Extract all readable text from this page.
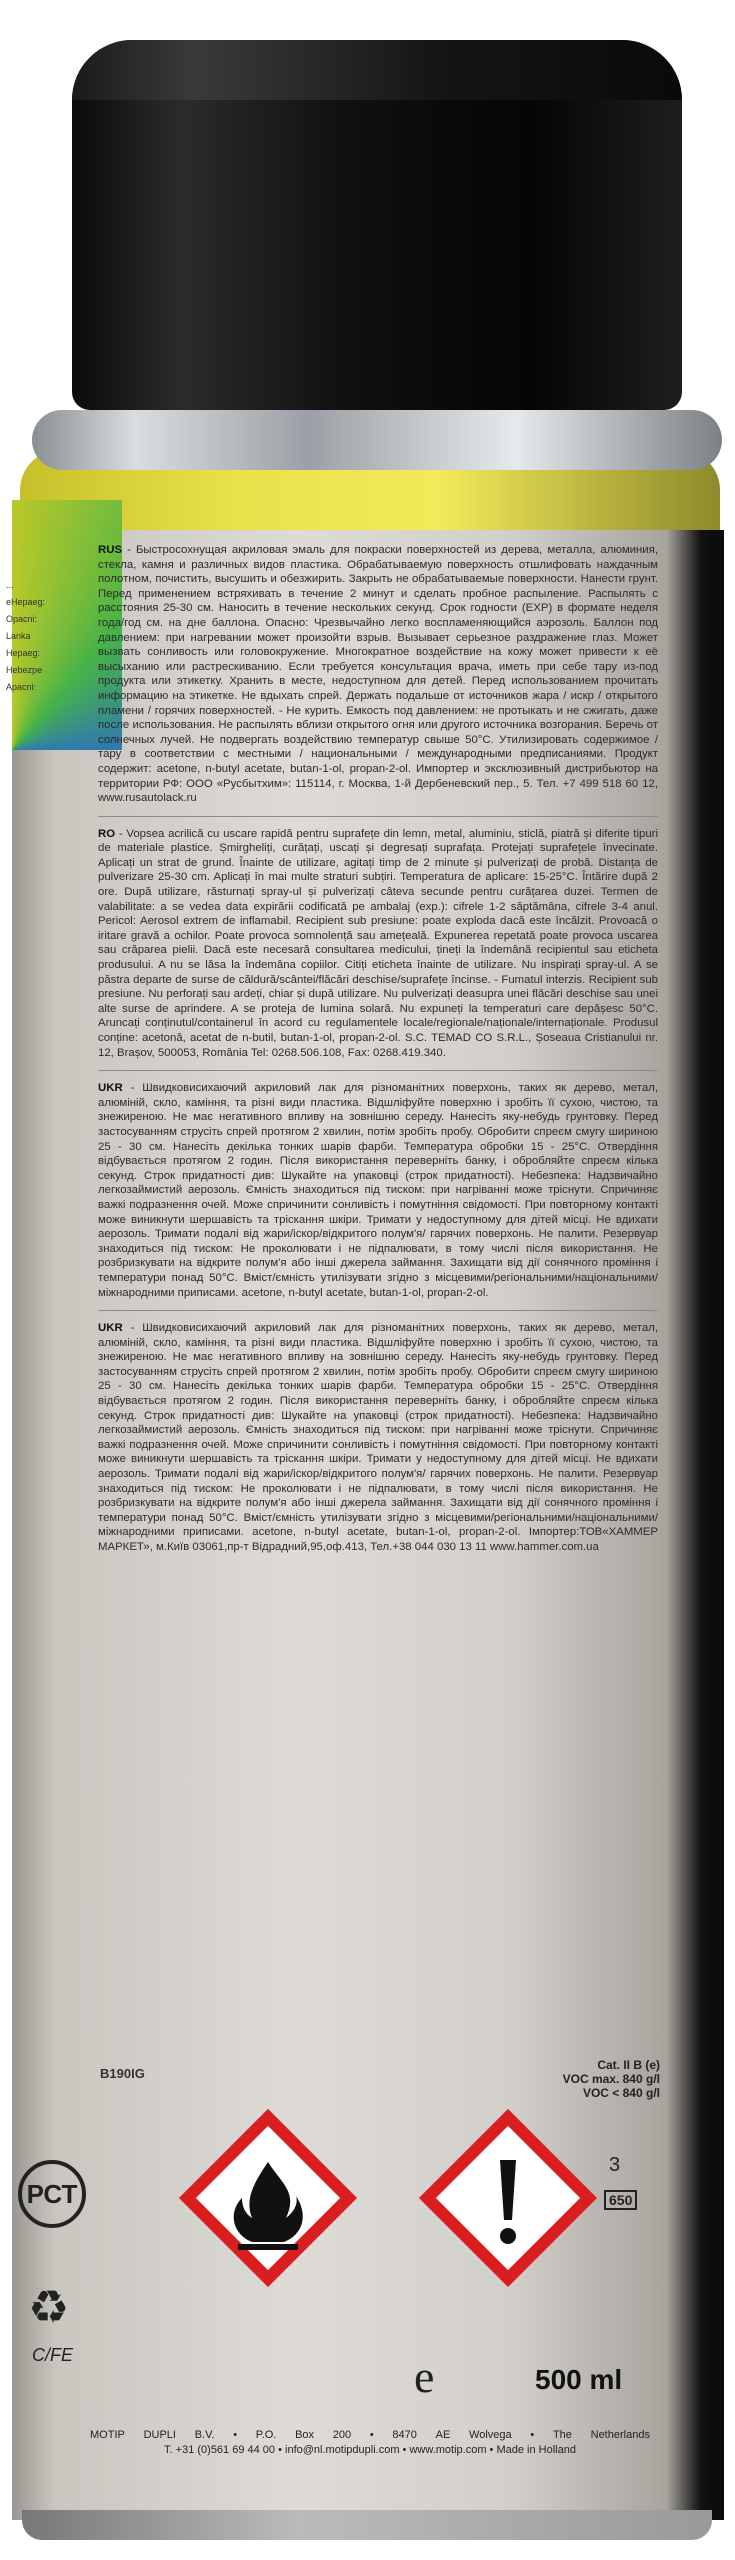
...

eHepaeg:

Opacni:

Lanka

Hepaeg:

Hebezpe

Apacni:

RUS - Быстросохнущая акриловая эмаль для покраски поверхностей из дерева, металла, алюминия, стекла, камня и различных видов пластика. Обрабатываемую поверхность отшлифовать наждачным полотном, почистить, высушить и обезжирить. Закрыть не обрабатываемые поверхности. Нанести грунт. Перед применением встряхивать в течение 2 минут и сделать пробное распыление. Распылять с расстояния 25-30 см. Наносить в течение нескольких секунд. Срок годности (EXP) в формате неделя года/год см. на дне баллона. Опасно: Чрезвычайно легко воспламеняющийся аэрозоль. Баллон под давлением: при нагревании может произойти взрыв. Вызывает серьезное раздражение глаз. Может вызвать сонливость или головокружение. Многократное воздействие на кожу может привести к её высыханию или растрескиванию. Если требуется консультация врача, иметь при себе тару из-под продукта или этикетку. Хранить в месте, недоступном для детей. Перед использованием прочитать информацию на этикетке. Не вдыхать спрей. Держать подальше от источников жара / искр / открытого пламени / горячих поверхностей. - Не курить. Емкость под давлением: не протыкать и не сжигать, даже после использования. Не распылять вблизи открытого огня или другого источника возгорания. Беречь от солнечных лучей. Не подвергать воздействию температур свыше 50°C. Утилизировать содержимое / тару в соответствии с местными / национальными / международными предписаниями. Продукт содержит: acetone, n-butyl acetate, butan-1-ol, propan-2-ol. Импортер и эксклюзивный дистрибьютор на территории РФ: ООО «Русбытхим»: 115114, г. Москва, 1-й Дербеневский пер., 5. Тел. +7 499 518 60 12, www.rusautolack.ru

RO - Vopsea acrilică cu uscare rapidă pentru suprafețe din lemn, metal, aluminiu, sticlă, piatră și diferite tipuri de materiale plastice. Șmirgheliți, curățați, uscați și degresați suprafața. Protejați suprafețele învecinate. Aplicați un strat de grund. Înainte de utilizare, agitați timp de 2 minute și pulverizați de probă. Distanța de pulverizare 25-30 cm. Aplicați în mai multe straturi subțiri. Temperatura de aplicare: 15-25°C. Întărire după 2 ore. După utilizare, răsturnați spray-ul și pulverizați câteva secunde pentru curățarea duzei. Termen de valabilitate: a se vedea data expirării codificată pe ambalaj (exp.): cifrele 1-2 săptămâna, cifrele 3-4 anul. Pericol: Aerosol extrem de inflamabil. Recipient sub presiune: poate exploda dacă este încălzit. Provoacă o iritare gravă a ochilor. Poate provoca somnolență sau amețeală. Expunerea repetată poate provoca uscarea sau crăparea pielii. Dacă este necesară consultarea medicului, țineți la îndemână recipientul sau eticheta produsului. A nu se lăsa la îndemâna copiilor. Citiți eticheta înainte de utilizare. Nu inspirați spray-ul. A se păstra departe de surse de căldură/scântei/flăcări deschise/suprafețe încinse. - Fumatul interzis. Recipient sub presiune. Nu perforați sau ardeți, chiar și după utilizare. Nu pulverizați deasupra unei flăcări deschise sau unei alte surse de aprindere. A se proteja de lumina solară. Nu expuneți la temperaturi care depășesc 50°C. Aruncați conținutul/containerul în acord cu regulamentele locale/regionale/naționale/internaționale. Produsul conține: acetonă, acetat de n-butil, butan-1-ol, propan-2-ol. S.C. TEMAD CO S.R.L., Șoseaua Cristianului nr. 12, Brașov, 500053, România Tel: 0268.506.108, Fax: 0268.419.340.

UKR - Швидковисихаючий акриловий лак для різноманітних поверхонь, таких як дерево, метал, алюміній, скло, каміння, та різні види пластика. Відшліфуйте поверхню і зробіть її сухою, чистою, та знежиреною. Не має негативного впливу на зовнішню середу. Нанесіть яку-небудь грунтовку. Перед застосуванням струсіть спрей протягом 2 хвилин, потім зробіть пробу. Обробити спреєм смугу шириною 25 - 30 см. Нанесіть декілька тонких шарів фарби. Температура обробки 15 - 25°C. Отвердіння відбувається протягом 2 годин. Після використання переверніть банку, і обробляйте спреєм кілька секунд. Строк придатності див: Шукайте на упаковці (строк придатності). Небезпека: Надзвичайно легкозаймистий аерозоль. Ємність знаходиться під тиском: при нагріванні може тріснути. Спричиняє важкі подразнення очей. Може спричинити сонливість і помутніння свідомості. При повторному контакті може виникнути шершавість та тріскання шкіри. Тримати у недоступному для дітей місці. Не вдихати аерозоль. Тримати подалі від жари/іскор/відкритого полум'я/ гарячих поверхонь. Не палити. Резервуар знаходиться під тиском: Не проколювати і не підпалювати, в тому числі після використання. Не розбризкувати на відкрите полум'я або інші джерела займання. Захищати від дії сонячного проміння і температури понад 50°C. Вміст/ємність утилізувати згідно з місцевими/регіональними/національними/міжнародними приписами. acetone, n-butyl acetate, butan-1-ol, propan-2-ol.

UKR - Швидковисихаючий акриловий лак для різноманітних поверхонь, таких як дерево, метал, алюміній, скло, каміння, та різні види пластика. Відшліфуйте поверхню і зробіть її сухою, чистою, та знежиреною. Не має негативного впливу на зовнішню середу. Нанесіть яку-небудь грунтовку. Перед застосуванням струсіть спрей протягом 2 хвилин, потім зробіть пробу. Обробити спреєм смугу шириною 25 - 30 см. Нанесіть декілька тонких шарів фарби. Температура обробки 15 - 25°C. Отвердіння відбувається протягом 2 годин. Після використання переверніть банку, і обробляйте спреєм кілька секунд. Строк придатності див: Шукайте на упаковці (строк придатності). Небезпека: Надзвичайно легкозаймистий аерозоль. Ємність знаходиться під тиском: при нагріванні може тріснути. Спричиняє важкі подразнення очей. Може спричинити сонливість і помутніння свідомості. При повторному контакті може виникнути шершавість та тріскання шкіри. Тримати у недоступному для дітей місці. Не вдихати аерозоль. Тримати подалі від жари/іскор/відкритого полум'я/ гарячих поверхонь. Не палити. Резервуар знаходиться під тиском: Не проколювати і не підпалювати, в тому числі після використання. Не розбризкувати на відкрите полум'я або інші джерела займання. Захищати від дії сонячного проміння і температури понад 50°C. Вміст/ємність утилізувати згідно з місцевими/регіональними/національними/міжнародними приписами. acetone, n-butyl acetate, butan-1-ol, propan-2-ol. Імпортер:ТОВ«ХАММЕР МАРКЕТ», м.Київ 03061,пр-т Відрадний,95,оф.413, Тел.+38 044 030 13 11 www.hammer.com.ua

B190IG
Cat. II B (e)
VOC max. 840 g/l
VOC < 840 g/l
РСТ
♻
C/FE
3
650
e	500 ml
MOTIP DUPLI B.V. • P.O. Box 200 • 8470 AE Wolvega • The Netherlands
T. +31 (0)561 69 44 00 • info@nl.motipdupli.com • www.motip.com • Made in Holland
